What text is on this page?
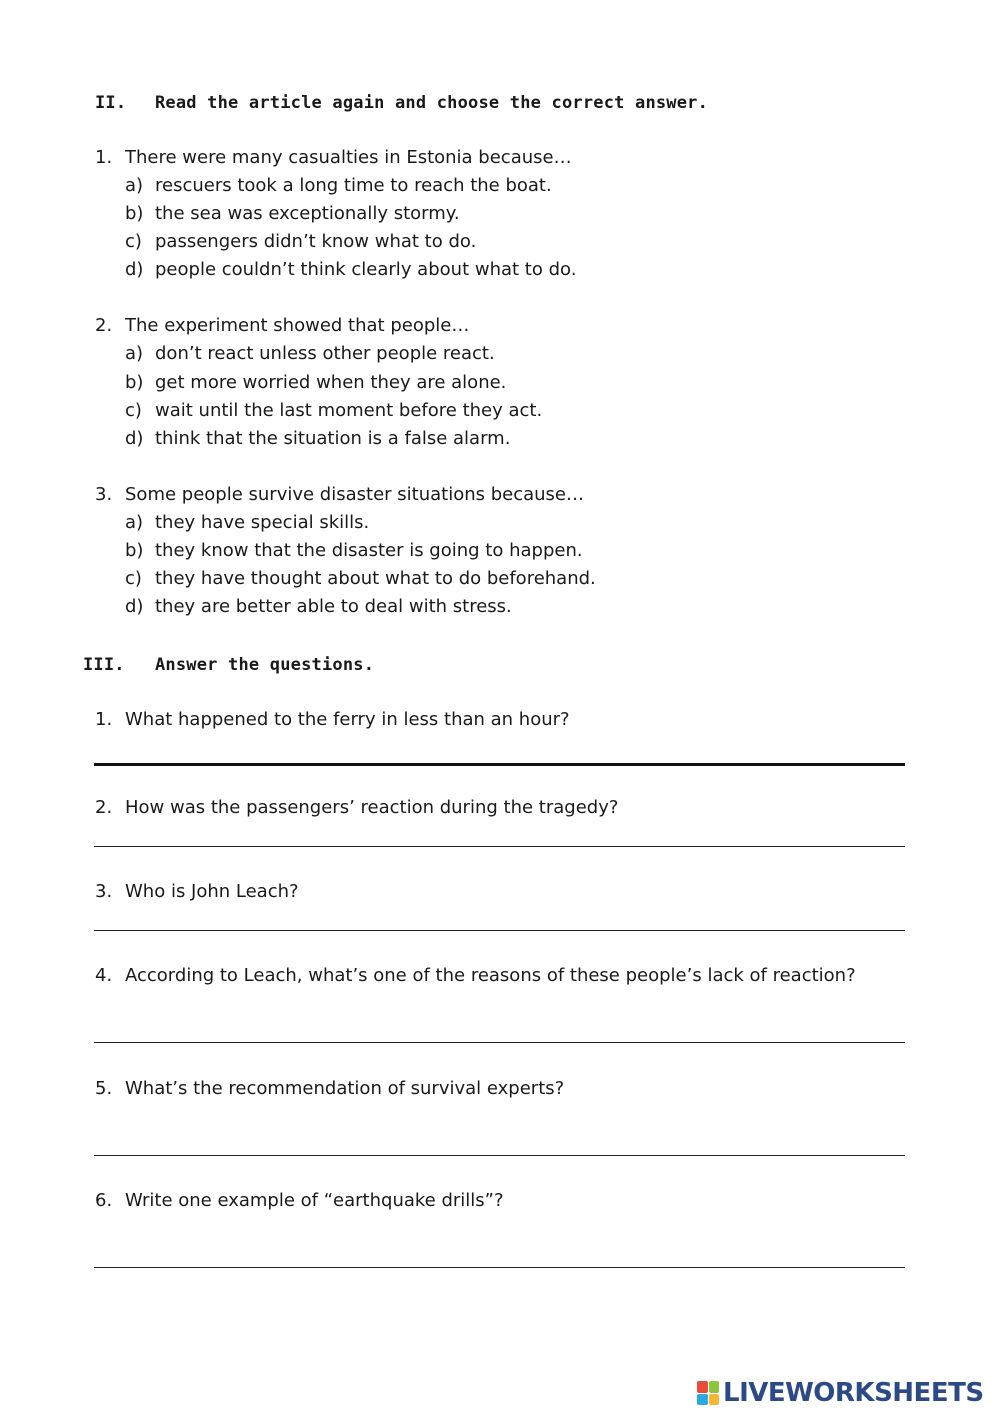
II. Read the article again and choose the correct answer.
1. There were many casualties in Estonia because…
a) rescuers took a long time to reach the boat.
b) the sea was exceptionally stormy.
c) passengers didn’t know what to do.
d) people couldn’t think clearly about what to do.
2. The experiment showed that people…
a) don’t react unless other people react.
b) get more worried when they are alone.
c) wait until the last moment before they act.
d) think that the situation is a false alarm.
3. Some people survive disaster situations because…
a) they have special skills.
b) they know that the disaster is going to happen.
c) they have thought about what to do beforehand.
d) they are better able to deal with stress.
III. Answer the questions.
1. What happened to the ferry in less than an hour?
2. How was the passengers’ reaction during the tragedy?
3. Who is John Leach?
4. According to Leach, what’s one of the reasons of these people’s lack of reaction?
5. What’s the recommendation of survival experts?
6. Write one example of “earthquake drills”?
LIVEWORKSHEETS
